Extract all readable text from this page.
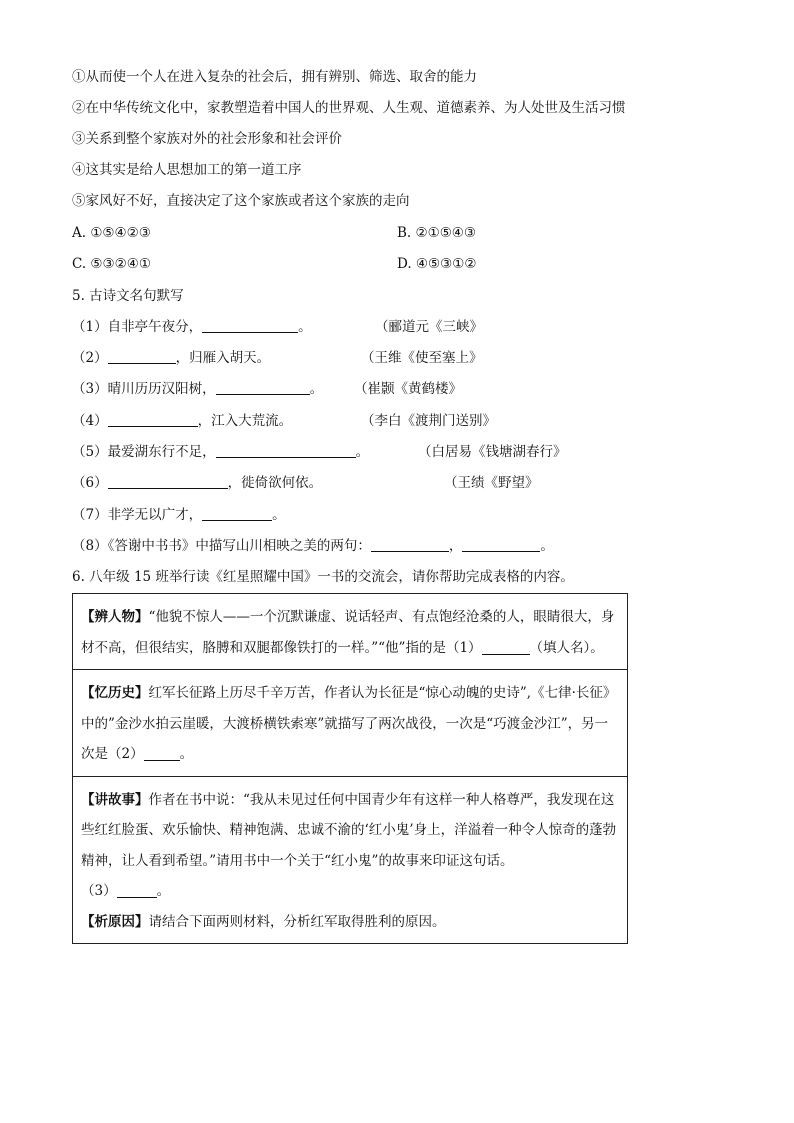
①从而使一个人在进入复杂的社会后，拥有辨别、筛选、取舍的能力
②在中华传统文化中，家教塑造着中国人的世界观、人生观、道德素养、为人处世及生活习惯
③关系到整个家族对外的社会形象和社会评价
④这其实是给人思想加工的第一道工序
⑤家风好不好，直接决定了这个家族或者这个家族的走向
A. ①⑤④②③	B. ②①⑤④③
C. ⑤③②④①	D. ④⑤③①②
5. 古诗文名句默写
（1）自非亭午夜分，	。	（郦道元《三峡》
（2）	，归雁入胡天。	（王维《使至塞上》
（3）晴川历历汉阳树，	。 （崔颢《黄鹤楼》
（4）	，江入大荒流。	（李白《渡荆门送别》
（5）最爱湖东行不足，	。	（白居易《钱塘湖春行》
（6）	，徙倚欲何依。	（王绩《野望》
（7）非学无以广才，	。
（8）《答谢中书书》中描写山川相映之美的两句：	，	。
6. 八年级 15 班举行读《红星照耀中国》一书的交流会，请你帮助完成表格的内容。
【辨人物】“他貌不惊人——一个沉默谦虚、说话轻声、有点饱经沧桑的人，眼睛很大，身材不高，但很结实，胳膊和双腿都像铁打的一样。”“他”指的是（1）	（填人名）。
【忆历史】红军长征路上历尽千辛万苦，作者认为长征是“惊心动魄的史诗”,《七律·长征》中的”金沙水拍云崖暖，大渡桥横铁索寒”就描写了两次战役，一次是“巧渡金沙江”，另一次是（2）	。
【讲故事】作者在书中说：“我从未见过任何中国青少年有这样一种人格尊严，我发现在这些红红脸蛋、欢乐愉快、精神饱满、忠诚不渝的‘红小鬼’身上，洋溢着一种令人惊奇的蓬勃精神，让人看到希望。”请用书中一个关于“红小鬼”的故事来印证这句话。
（3）	。
【析原因】请结合下面两则材料，分析红军取得胜利的原因。
